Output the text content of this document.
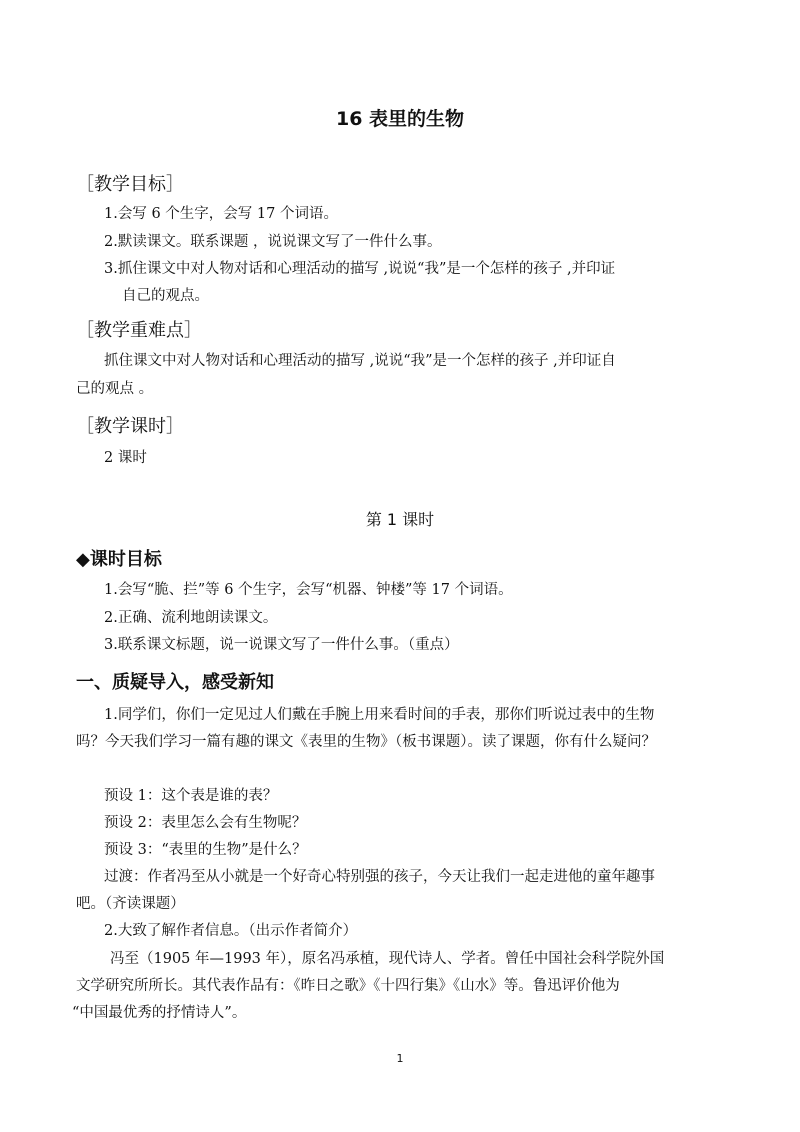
16 表里的生物
［教学目标］
1.会写 6 个生字，会写 17 个词语。
2.默读课文。联系课题 ，说说课文写了一件什么事。
3.抓住课文中对人物对话和心理活动的描写 ,说说“我”是一个怎样的孩子 ,并印证
自己的观点。
［教学重难点］
抓住课文中对人物对话和心理活动的描写 ,说说“我”是一个怎样的孩子 ,并印证自
己的观点 。
［教学课时］
2 课时
第 1 课时
◆课时目标
1.会写“脆、拦”等 6 个生字，会写“机器、钟楼”等 17 个词语。
2.正确、流利地朗读课文。
3.联系课文标题，说一说课文写了一件什么事。（重点）
一、质疑导入，感受新知
1.同学们，你们一定见过人们戴在手腕上用来看时间的手表，那你们听说过表中的生物
吗？今天我们学习一篇有趣的课文《表里的生物》（板书课题）。读了课题，你有什么疑问？
预设 1：这个表是谁的表？
预设 2：表里怎么会有生物呢？
预设 3：“表里的生物”是什么？
过渡：作者冯至从小就是一个好奇心特别强的孩子，今天让我们一起走进他的童年趣事
吧。（齐读课题）
2.大致了解作者信息。（出示作者简介）
冯至（1905 年—1993 年），原名冯承植，现代诗人、学者。曾任中国社会科学院外国
文学研究所所长。其代表作品有：《昨日之歌》《十四行集》《山水》等。鲁迅评价他为
“中国最优秀的抒情诗人”。
1
